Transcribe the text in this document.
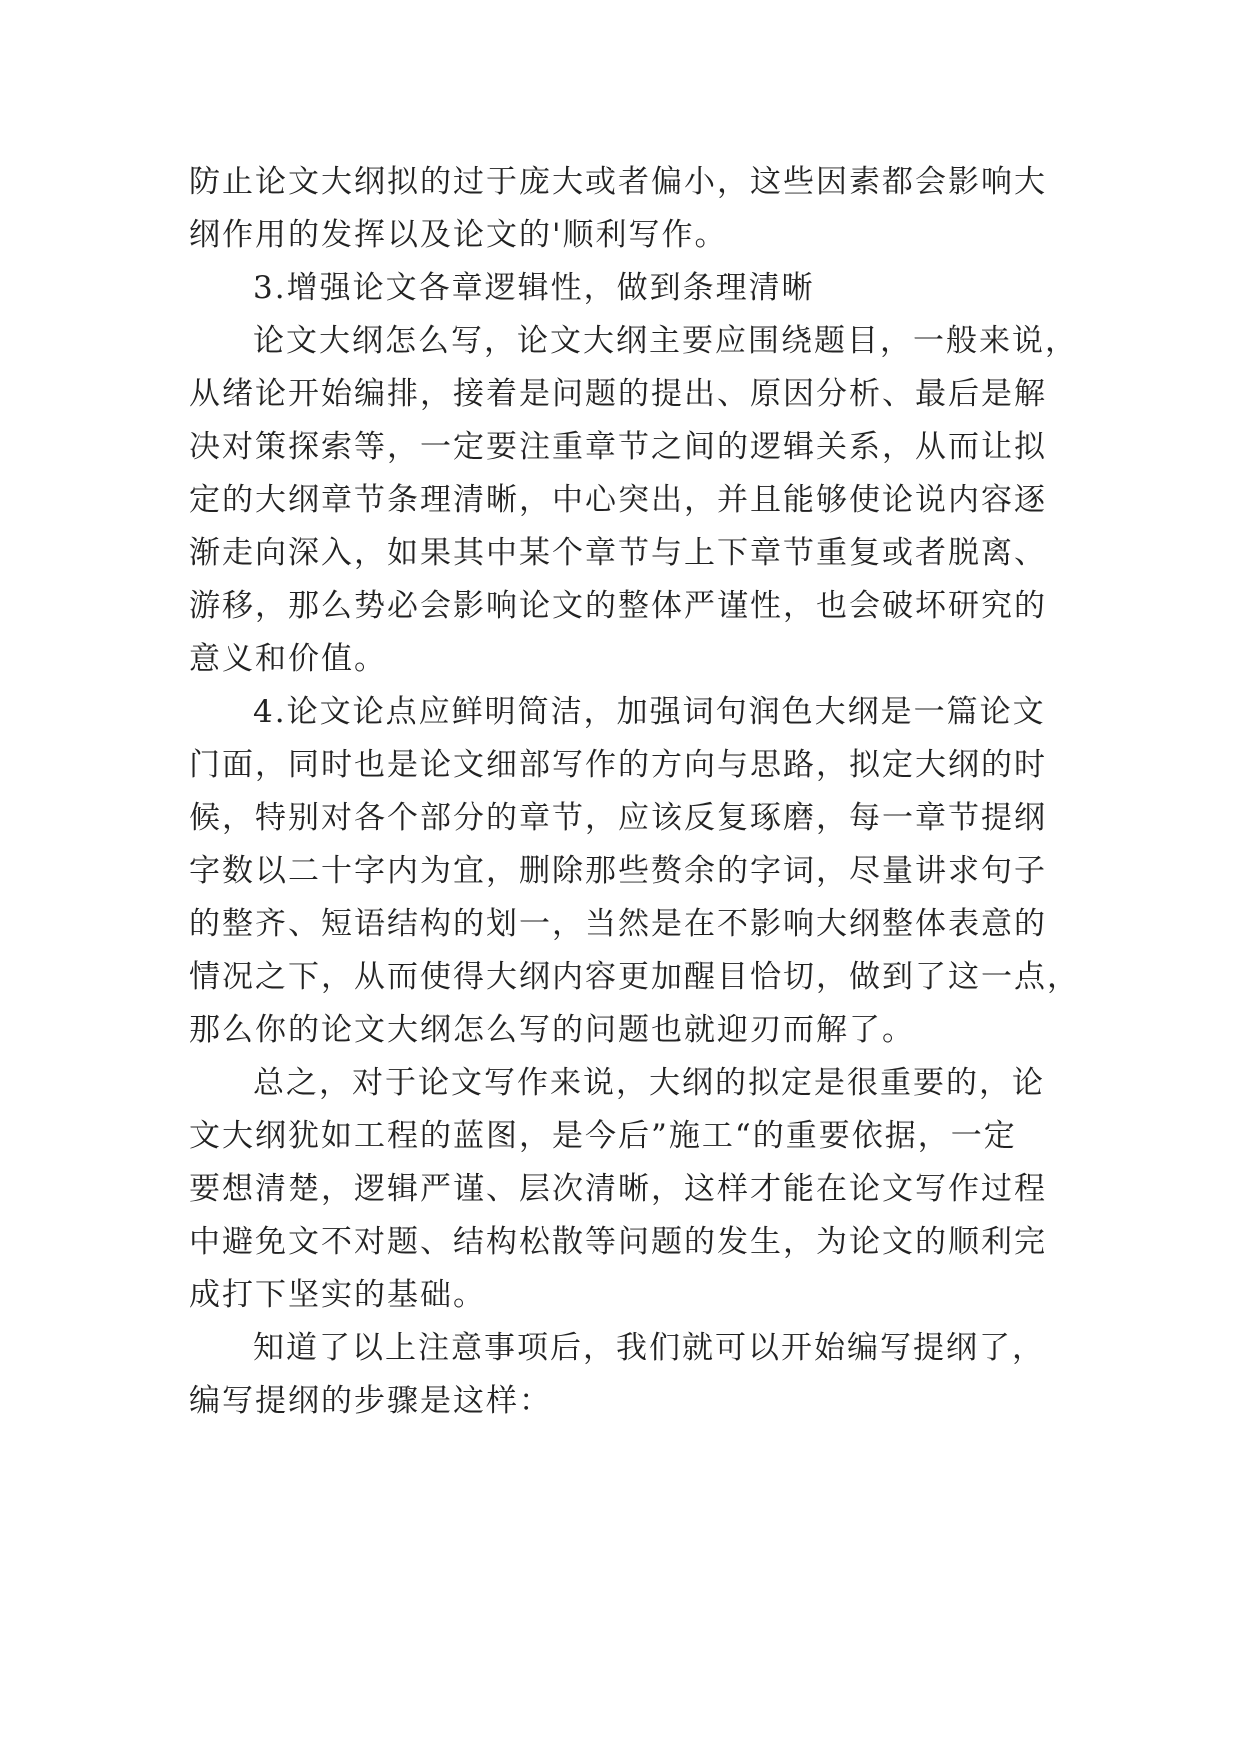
防止论文大纲拟的过于庞大或者偏小，这些因素都会影响大
纲作用的发挥以及论文的'顺利写作。
3.增强论文各章逻辑性，做到条理清晰
论文大纲怎么写，论文大纲主要应围绕题目，一般来说，
从绪论开始编排，接着是问题的提出、原因分析、最后是解
决对策探索等，一定要注重章节之间的逻辑关系，从而让拟
定的大纲章节条理清晰，中心突出，并且能够使论说内容逐
渐走向深入，如果其中某个章节与上下章节重复或者脱离、
游移，那么势必会影响论文的整体严谨性，也会破坏研究的
意义和价值。
4.论文论点应鲜明简洁，加强词句润色大纲是一篇论文
门面，同时也是论文细部写作的方向与思路，拟定大纲的时
候，特别对各个部分的章节，应该反复琢磨，每一章节提纲
字数以二十字内为宜，删除那些赘余的字词，尽量讲求句子
的整齐、短语结构的划一，当然是在不影响大纲整体表意的
情况之下，从而使得大纲内容更加醒目恰切，做到了这一点，
那么你的论文大纲怎么写的问题也就迎刃而解了。
总之，对于论文写作来说，大纲的拟定是很重要的，论
文大纲犹如工程的蓝图，是今后”施工“的重要依据，一定
要想清楚，逻辑严谨、层次清晰，这样才能在论文写作过程
中避免文不对题、结构松散等问题的发生，为论文的顺利完
成打下坚实的基础。
知道了以上注意事项后，我们就可以开始编写提纲了，
编写提纲的步骤是这样：
